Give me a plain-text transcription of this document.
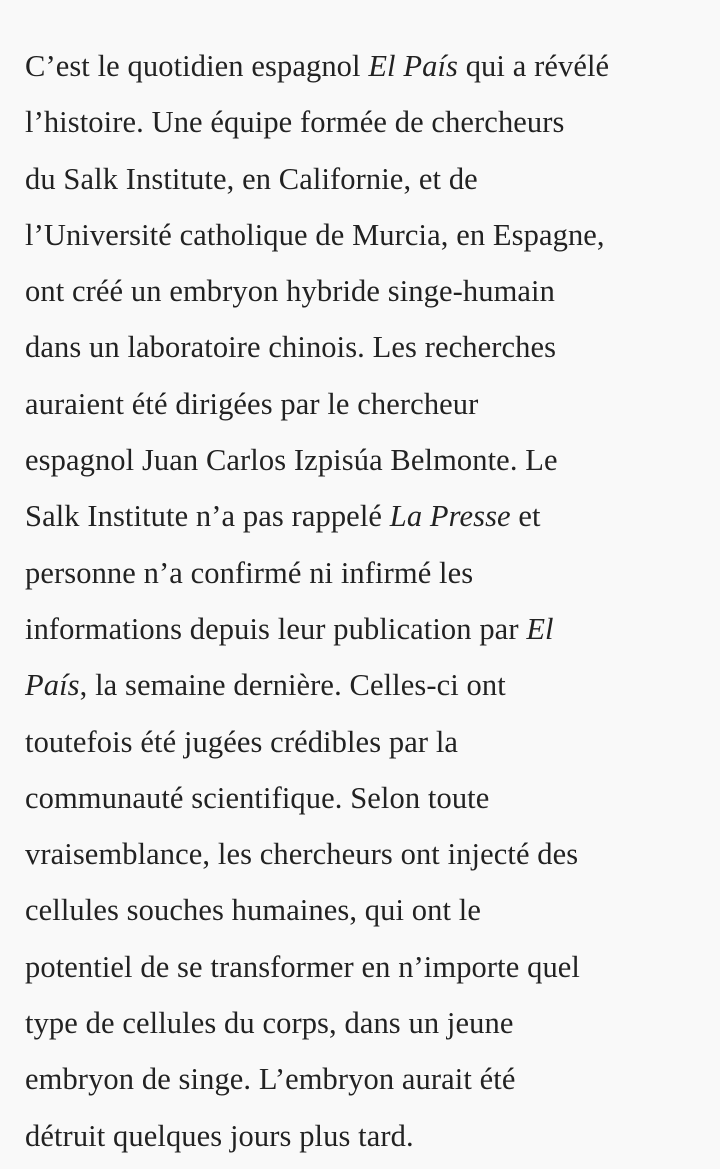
C’est le quotidien espagnol El País qui a révélé
l’histoire. Une équipe formée de chercheurs
du Salk Institute, en Californie, et de
l’Université catholique de Murcia, en Espagne,
ont créé un embryon hybride singe-humain
dans un laboratoire chinois. Les recherches
auraient été dirigées par le chercheur
espagnol Juan Carlos Izpisúa Belmonte. Le
Salk Institute n’a pas rappelé La Presse et
personne n’a confirmé ni infirmé les
informations depuis leur publication par El
País, la semaine dernière. Celles-ci ont
toutefois été jugées crédibles par la
communauté scientifique. Selon toute
vraisemblance, les chercheurs ont injecté des
cellules souches humaines, qui ont le
potentiel de se transformer en n’importe quel
type de cellules du corps, dans un jeune
embryon de singe. L’embryon aurait été
détruit quelques jours plus tard.
